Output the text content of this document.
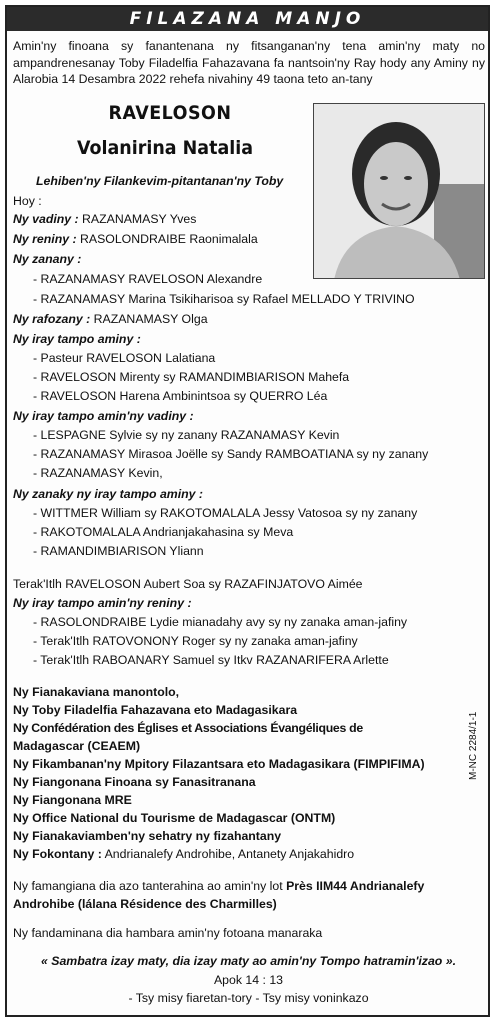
FILAZANA MANJO
Amin'ny finoana sy fanantenana ny fitsanganan'ny tena amin'ny maty no ampandrenesanay Toby Filadelfia Fahazavana fa nantsoin'ny Ray hody any Aminy ny Alarobia 14 Desambra 2022 rehefa nivahiny 49 taona teto an-tany
RAVELOSON
Volanirina Natalia
Lehiben'ny Filankevim-pitantanan'ny Toby
Hoy :
Ny vadiny : RAZANAMASY Yves
Ny reniny : RASOLONDRAIBE Raonimalala
Ny zanany :
- RAZANAMASY RAVELOSON Alexandre
- RAZANAMASY Marina Tsikiharisoa sy Rafael MELLADO Y TRIVINO
Ny rafozany : RAZANAMASY Olga
Ny iray tampo aminy :
- Pasteur RAVELOSON Lalatiana
- RAVELOSON Mirenty sy RAMANDIMBIARISON Mahefa
- RAVELOSON Harena Ambinintsoa sy QUERRO Léa
Ny iray tampo amin'ny vadiny :
- LESPAGNE Sylvie sy ny zanany RAZANAMASY Kevin
- RAZANAMASY Mirasoa Joëlle sy Sandy RAMBOATIANA sy ny zanany
- RAZANAMASY Kevin,
Ny zanaky ny iray tampo aminy :
- WITTMER William sy RAKOTOMALALA Jessy Vatosoa sy ny zanany
- RAKOTOMALALA Andrianjakahasina sy Meva
- RAMANDIMBIARISON Yliann
Terak'Itlh RAVELOSON Aubert Soa sy RAZAFINJATOVO Aimée
Ny iray tampo amin'ny reniny :
- RASOLONDRAIBE Lydie mianadahy avy sy ny zanaka aman-jafiny
- Terak'Itlh RATOVONONY Roger sy ny zanaka aman-jafiny
- Terak'Itlh RABOANARY Samuel sy Itkv RAZANARIFERA Arlette
Ny Fianakaviana manontolo,
Ny Toby Filadelfia Fahazavana eto Madagasikara
Ny Confédération des Églises et Associations Évangéliques de
Madagascar (CEAEM)
Ny Fikambanan'ny Mpitory Filazantsara eto Madagasikara (FIMPIFIMA)
Ny Fiangonana Finoana sy Fanasitranana
Ny Fiangonana MRE
Ny Office National du Tourisme de Madagascar (ONTM)
Ny Fianakaviamben'ny sehatry ny fizahantany
Ny Fokontany : Andrianalefy Androhibe, Antanety Anjakahidro
M-NC 2284/1-1
Ny famangiana dia azo tanterahina ao amin'ny lot Près IIM44 Andrianalefy
Androhibe (lálana Résidence des Charmilles)
Ny fandaminana dia hambara amin'ny fotoana manaraka
« Sambatra izay maty, dia izay maty ao amin'ny Tompo hatramin'izao ».
Apok 14 : 13
- Tsy misy fiaretan-tory - Tsy misy voninkazo
